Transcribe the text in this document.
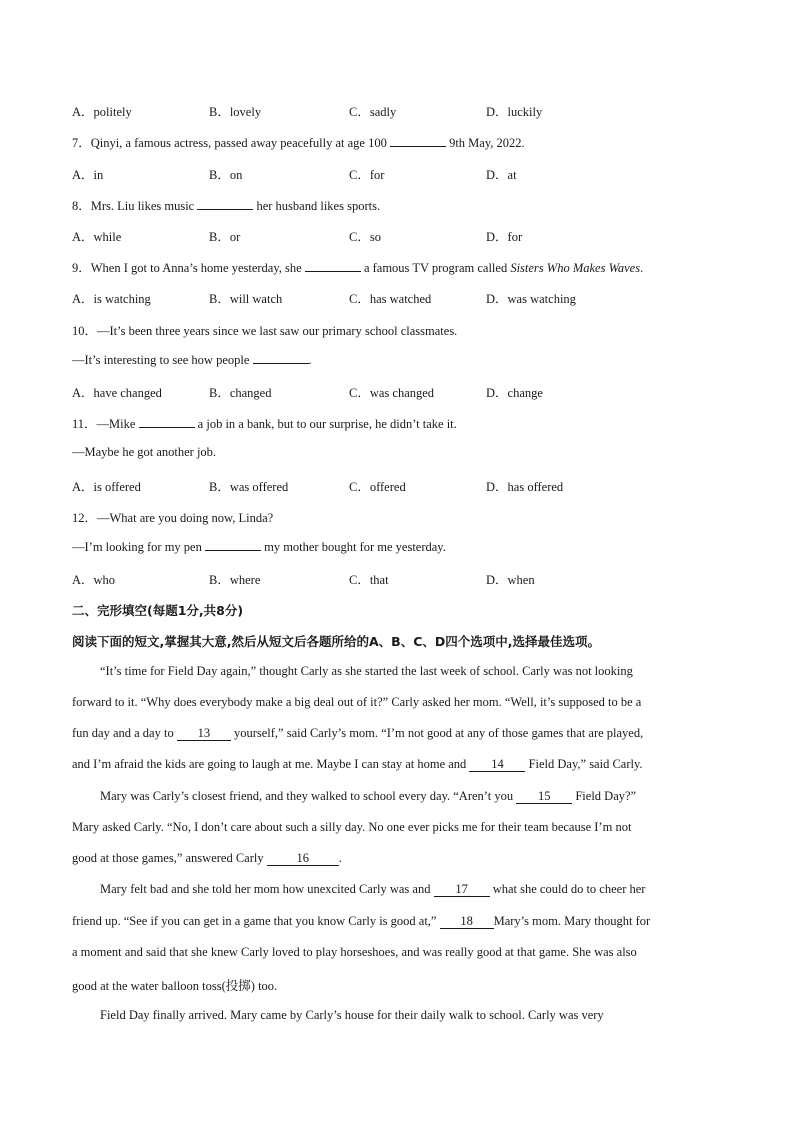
A．politely	B．lovely	C．sadly	D．luckily
7．Qinyi, a famous actress, passed away peacefully at age 100	9th May, 2022.
A．in	B．on	C．for	D．at
8．Mrs. Liu likes music	her husband likes sports.
A．while	B．or	C．so	D．for
9．When I got to Anna’s home yesterday, she	a famous TV program called Sisters Who Makes Waves.
A．is watching	B．will watch	C．has watched	D．was watching
10．—It’s been three years since we last saw our primary school classmates.
—It’s interesting to see how people	.
A．have changed	B．changed	C．was changed	D．change
11．—Mike	a job in a bank, but to our surprise, he didn’t take it.
—Maybe he got another job.
A．is offered	B．was offered	C．offered	D．has offered
12．—What are you doing now, Linda?
—I’m looking for my pen	my mother bought for me yesterday.
A．who	B．where	C．that	D．when
二、完形填空(每题1分,共8分)
阅读下面的短文,掌握其大意,然后从短文后各题所给的A、B、C、D四个选项中,选择最佳选项。
“It’s time for Field Day again,” thought Carly as she started the last week of school. Carly was not looking
forward to it. “Why does everybody make a big deal out of it?” Carly asked her mom. “Well, it’s supposed to be a
fun day and a day to 13 yourself,” said Carly’s mom. “I’m not good at any of those games that are played,
and I’m afraid the kids are going to laugh at me. Maybe I can stay at home and 14 Field Day,” said Carly.
Mary was Carly’s closest friend, and they walked to school every day. “Aren’t you 15 Field Day?”
Mary asked Carly. “No, I don’t care about such a silly day. No one ever picks me for their team because I’m not
good at those games,” answered Carly 16 .
Mary felt bad and she told her mom how unexcited Carly was and 17 what she could do to cheer her
friend up. “See if you can get in a game that you know Carly is good at,” 18 Mary’s mom. Mary thought for
a moment and said that she knew Carly loved to play horseshoes, and was really good at that game. She was also
good at the water balloon toss(投掷) too.
Field Day finally arrived. Mary came by Carly’s house for their daily walk to school. Carly was very
